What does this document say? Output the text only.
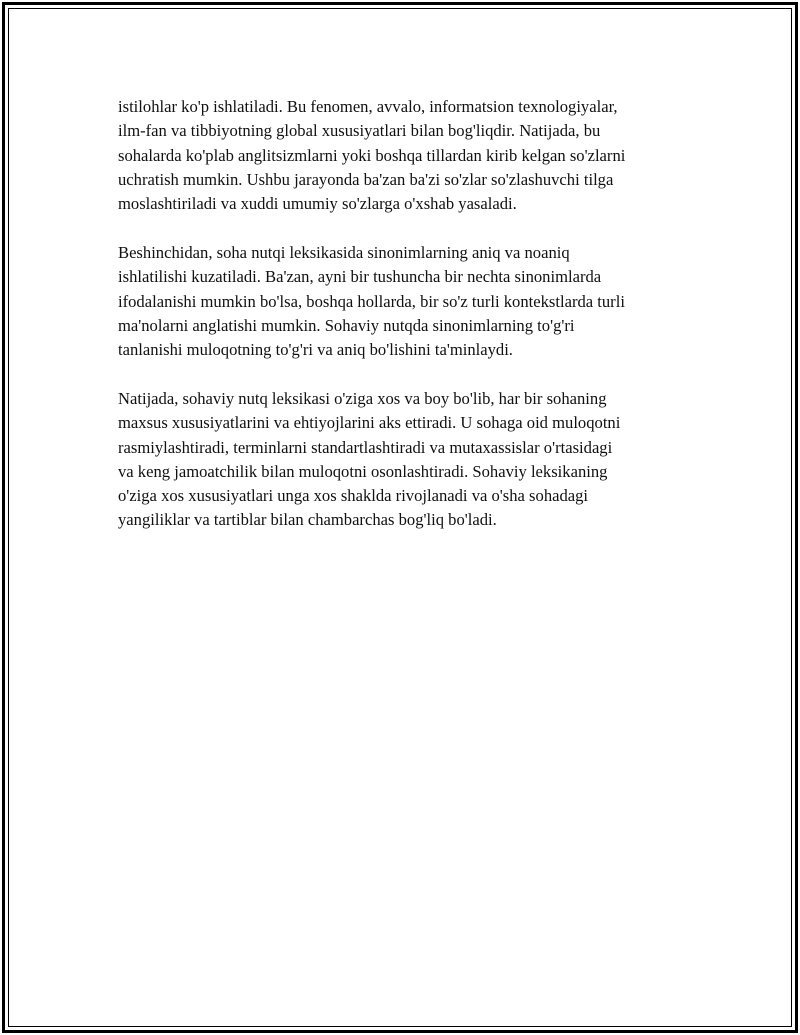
istilohlar ko'p ishlatiladi. Bu fenomen, avvalo, informatsion texnologiyalar,
ilm-fan va tibbiyotning global xususiyatlari bilan bog'liqdir. Natijada, bu
sohalarda ko'plab anglitsizmlarni yoki boshqa tillardan kirib kelgan so'zlarni
uchratish mumkin. Ushbu jarayonda ba'zan ba'zi so'zlar so'zlashuvchi tilga
moslashtiriladi va xuddi umumiy so'zlarga o'xshab yasaladi.

Beshinchidan, soha nutqi leksikasida sinonimlarning aniq va noaniq
ishlatilishi kuzatiladi. Ba'zan, ayni bir tushuncha bir nechta sinonimlarda
ifodalanishi mumkin bo'lsa, boshqa hollarda, bir so'z turli kontekstlarda turli
ma'nolarni anglatishi mumkin. Sohaviy nutqda sinonimlarning to'g'ri
tanlanishi muloqotning to'g'ri va aniq bo'lishini ta'minlaydi.

Natijada, sohaviy nutq leksikasi o'ziga xos va boy bo'lib, har bir sohaning
maxsus xususiyatlarini va ehtiyojlarini aks ettiradi. U sohaga oid muloqotni
rasmiylashtiradi, terminlarni standartlashtiradi va mutaxassislar o'rtasidagi
va keng jamoatchilik bilan muloqotni osonlashtiradi. Sohaviy leksikaning
o'ziga xos xususiyatlari unga xos shaklda rivojlanadi va o'sha sohadagi
yangiliklar va tartiblar bilan chambarchas bog'liq bo'ladi.
